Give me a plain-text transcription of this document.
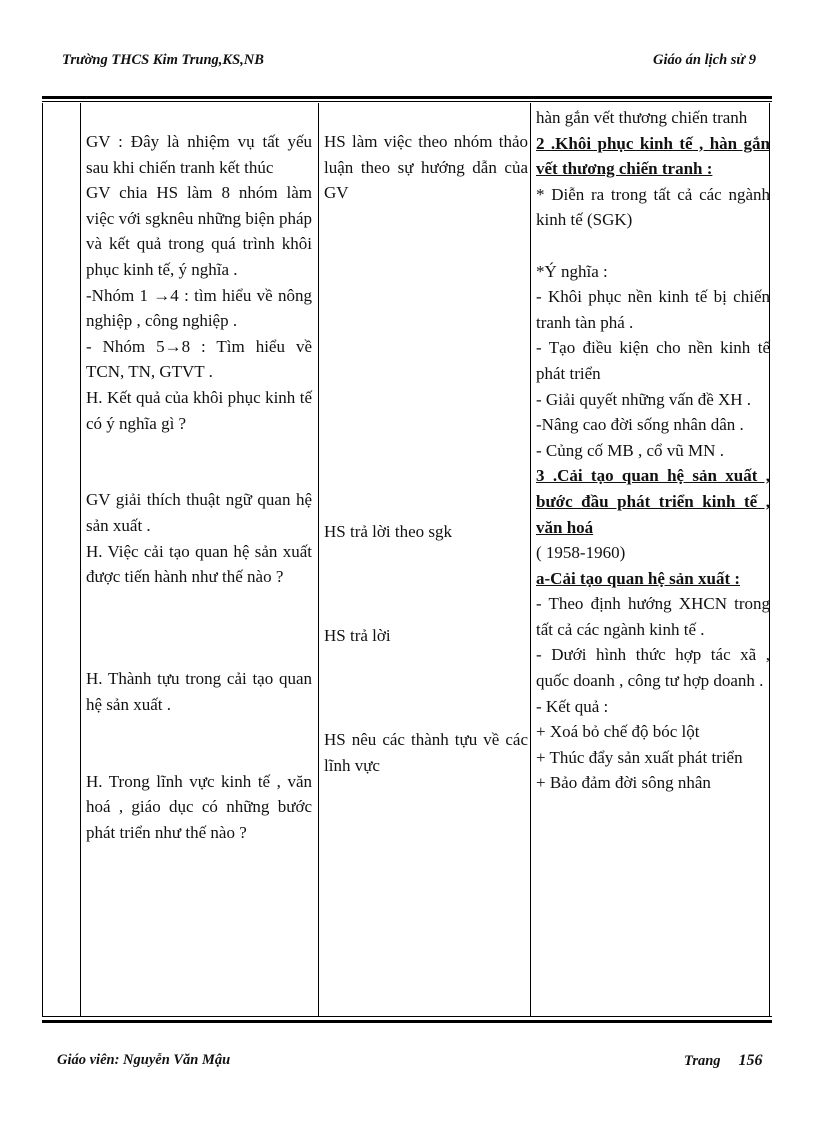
Trường THCS Kim Trung,KS,NB	Giáo án lịch sử 9

GV : Đây là nhiệm vụ tất yếu sau khi chiến tranh kết thúc

GV chia HS làm 8 nhóm làm việc với sgknêu những biện pháp và kết quả trong quá trình khôi phục kinh tế, ý nghĩa .

-Nhóm 1 →4 : tìm hiểu về nông nghiệp , công nghiệp .

- Nhóm 5→8 : Tìm hiểu về TCN, TN, GTVT .

H. Kết quả của khôi phục kinh tế có ý nghĩa gì ?

GV giải thích thuật ngữ quan hệ sản xuất .

H. Việc cải tạo quan hệ sản xuất được tiến hành như thế nào ?

H. Thành tựu trong cải tạo quan hệ sản xuất .

H. Trong lĩnh vực kinh tế , văn hoá , giáo dục có những bước phát triển như thế nào ?

HS làm việc theo nhóm thảo luận theo sự hướng dẫn của GV
HS trả lời theo sgk
HS trả lời
HS nêu các thành tựu về các lĩnh vực

hàn gắn vết thương chiến tranh

2 .Khôi phục kinh tế , hàn gắn vết thương chiến tranh :

* Diễn ra trong tất cả các ngành kinh tế (SGK)

*Ý nghĩa :

- Khôi phục nền kinh tế bị chiến tranh tàn phá .

- Tạo điều kiện cho nền kinh tế phát triển

- Giải quyết những vấn đề XH .

-Nâng cao đời sống nhân dân .

- Củng cố MB , cổ vũ MN .

3 .Cải tạo quan hệ sản xuất , bước đầu phát triển kinh tế , văn hoá

( 1958-1960)

a-Cải tạo quan hệ sản xuất :

- Theo định hướng XHCN trong tất cả các ngành kinh tế .

- Dưới hình thức hợp tác xã , quốc doanh , công tư hợp doanh .

- Kết quả :

+ Xoá bỏ chế độ bóc lột

+ Thúc đẩy sản xuất phát triển

+ Bảo đảm đời sông nhân

Giáo viên: Nguyễn Văn Mậu	Trang 156
